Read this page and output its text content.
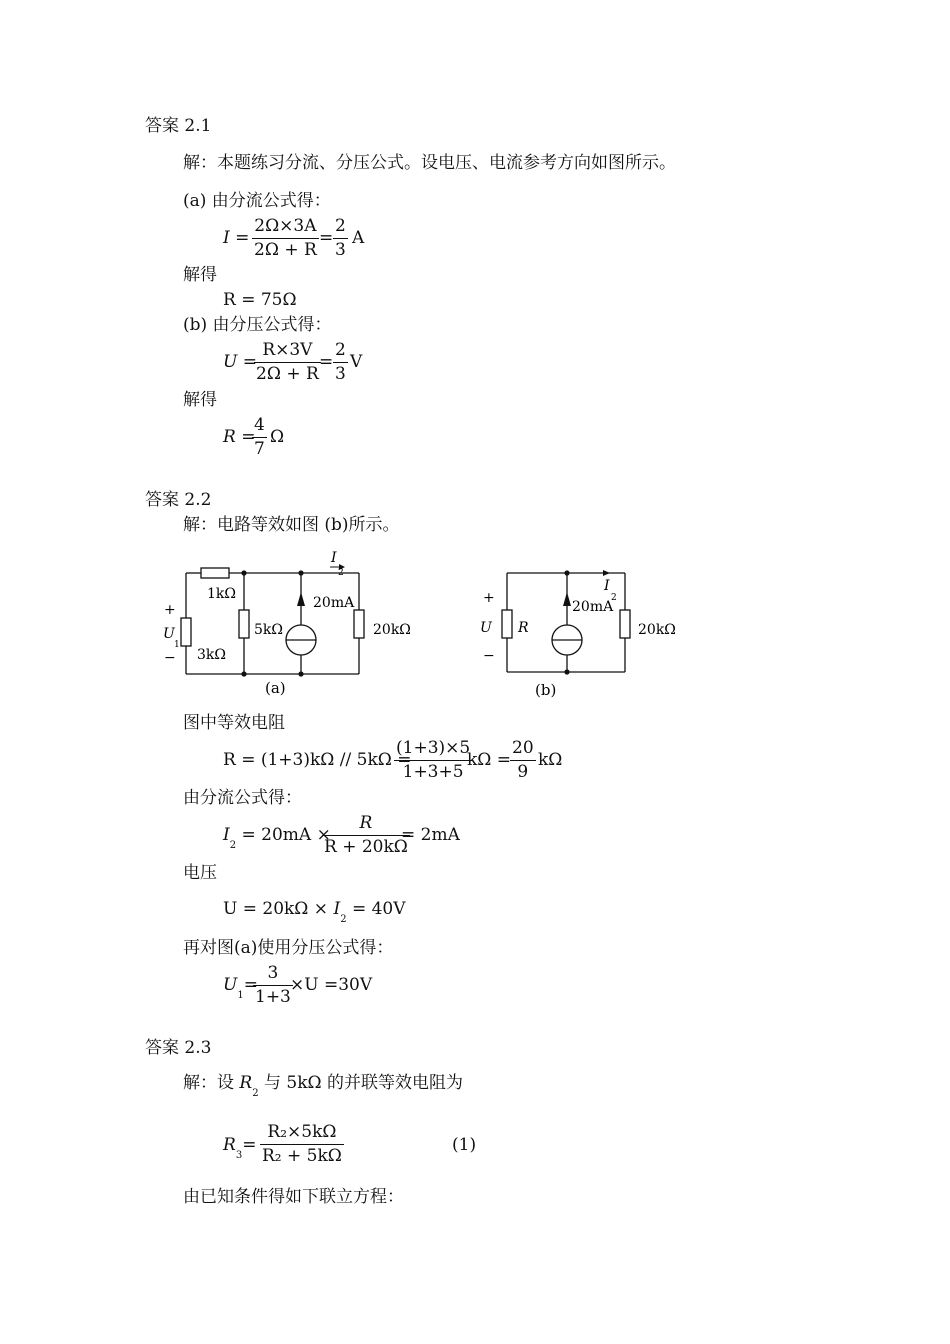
答案 2.1
解：本题练习分流、分压公式。设电压、电流参考方向如图所示。
(a) 由分流公式得：
$I = \frac{2\Omega\times 3A}{2\Omega + R} = \frac{2}{3}$ A
解得
R = 75Ω
(b) 由分压公式得：
U =
$\frac{R\times 3V}{2\Omega + R}$
= $\frac{2}{3}$ V
解得
R =
$\frac{4}{7}$ Ω
答案 2.2
解：电路等效如图 (b)所示。
1kΩ
5kΩ
3kΩ
20mA
20kΩ
+
U
1
−
I
2
(a)
R
20mA
20kΩ
+
U
−
I
2
(b)
图中等效电阻
R = (1+3)kΩ // 5kΩ =
$\frac{(1+3)\times 5}{1+3+5}$
kΩ =
$\frac{20}{9}$ kΩ
由分流公式得：
$I_2 = 20mA$ ×
$\frac{R}{R + 20k\Omega}$
= 2mA
电压
$U = 20k\Omega \times I_2 = 40V$
再对图(a)使用分压公式得：
$U_1=$
$\frac{3}{1+3}$
×U =30V
答案 2.3
解：设 $R_2$ 与 5kΩ 的并联等效电阻为
$R_3= \frac{\text{R₂×5kΩ}}{\text{R₂ + 5kΩ}}$	(1)
由已知条件得如下联立方程：
